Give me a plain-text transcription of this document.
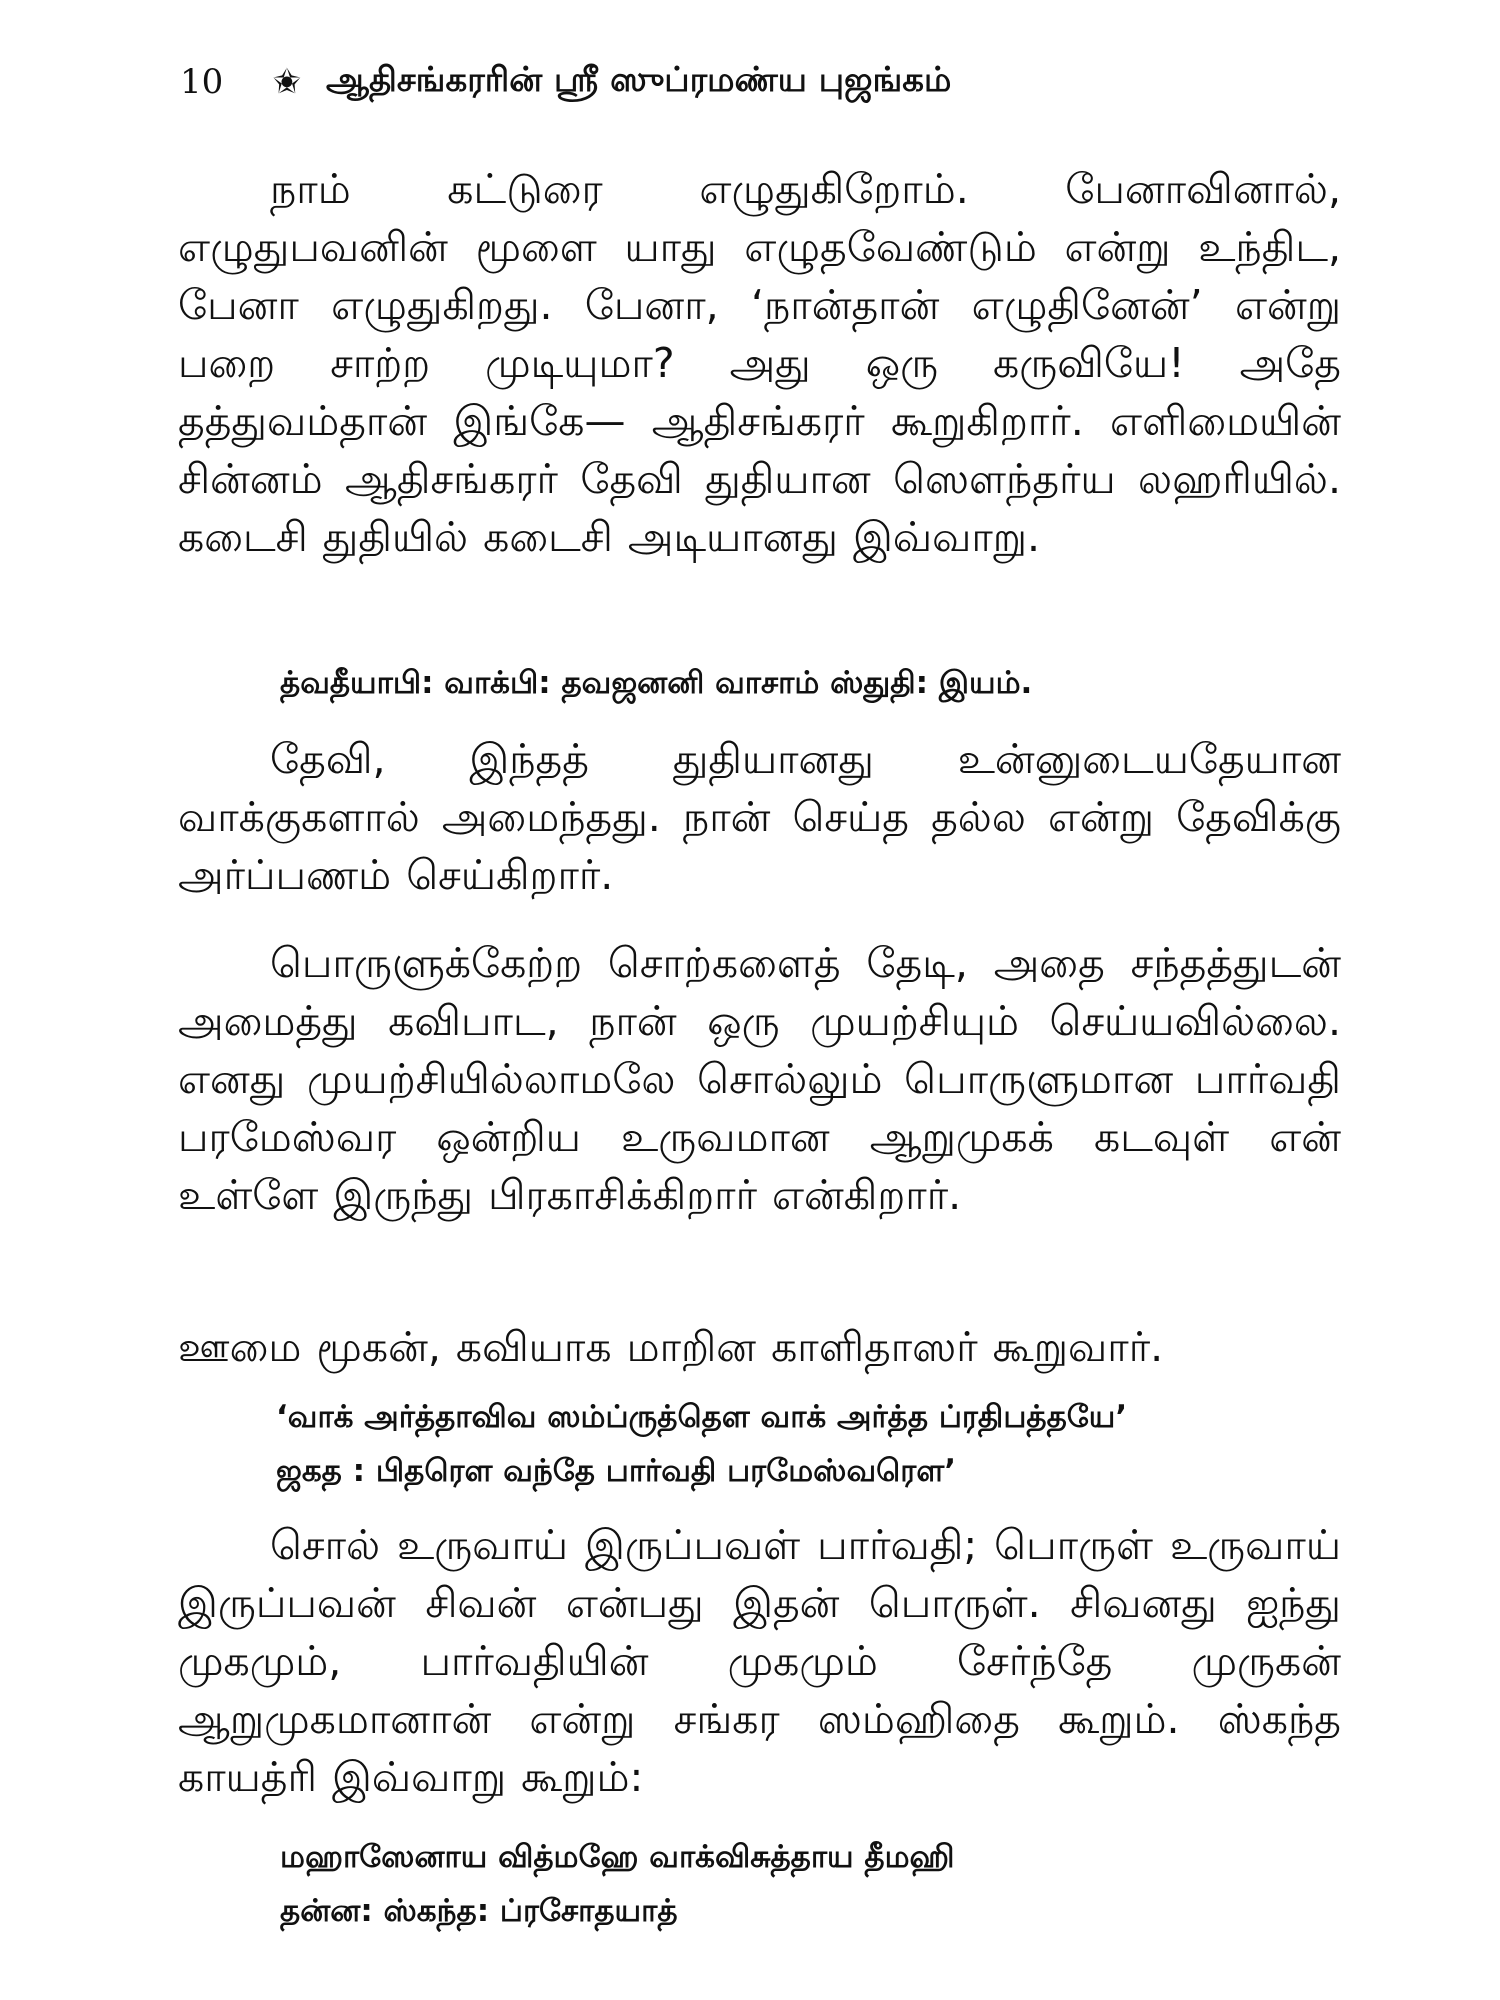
10	✬ ஆதிசங்கரரின் ஸ்ரீ ஸுப்ரமண்ய புஜங்கம்

நாம் கட்டுரை எழுதுகிறோம். பேனாவினால், எழுதுபவனின் மூளை யாது எழுதவேண்டும் என்று உந்திட, பேனா எழுதுகிறது. பேனா, ‘நான்தான் எழுதினேன்’ என்று பறை சாற்ற முடியுமா? அது ஒரு கருவியே! அதே தத்துவம்தான் இங்கே— ஆதிசங்கரர் கூறுகிறார். எளிமையின் சின்னம் ஆதிசங்கரர் தேவி துதியான ஸௌந்தர்ய லஹரியில். கடைசி துதியில் கடைசி அடியானது இவ்வாறு.

த்வதீயாபி: வாக்பி: தவஜனனி வாசாம் ஸ்துதி: இயம்.

தேவி, இந்தத் துதியானது உன்னுடையதேயான வாக்குகளால் அமைந்தது. நான் செய்த தல்ல என்று தேவிக்கு அர்ப்பணம் செய்கிறார்.

பொருளுக்கேற்ற சொற்களைத் தேடி, அதை சந்தத்துடன் அமைத்து கவிபாட, நான் ஒரு முயற்சியும் செய்யவில்லை. எனது முயற்சியில்லாமலே சொல்லும் பொருளுமான பார்வதி பரமேஸ்வர ஒன்றிய உருவமான ஆறுமுகக் கடவுள் என் உள்ளே இருந்து பிரகாசிக்கிறார் என்கிறார்.

ஊமை மூகன், கவியாக மாறின காளிதாஸர் கூறுவார்.

‘வாக் அர்த்தாவிவ ஸம்ப்ருத்தௌ வாக் அர்த்த ப்ரதிபத்தயே’

ஜகத : பிதரௌ வந்தே பார்வதி பரமேஸ்வரௌ’

சொல் உருவாய் இருப்பவள் பார்வதி; பொருள் உருவாய் இருப்பவன் சிவன் என்பது இதன் பொருள். சிவனது ஐந்து முகமும், பார்வதியின் முகமும் சேர்ந்தே முருகன் ஆறுமுகமானான் என்று சங்கர ஸம்ஹிதை கூறும். ஸ்கந்த காயத்ரி இவ்வாறு கூறும்:

மஹாஸேனாய வித்மஹே வாக்விசுத்தாய தீமஹி

தன்ன: ஸ்கந்த: ப்ரசோதயாத்
